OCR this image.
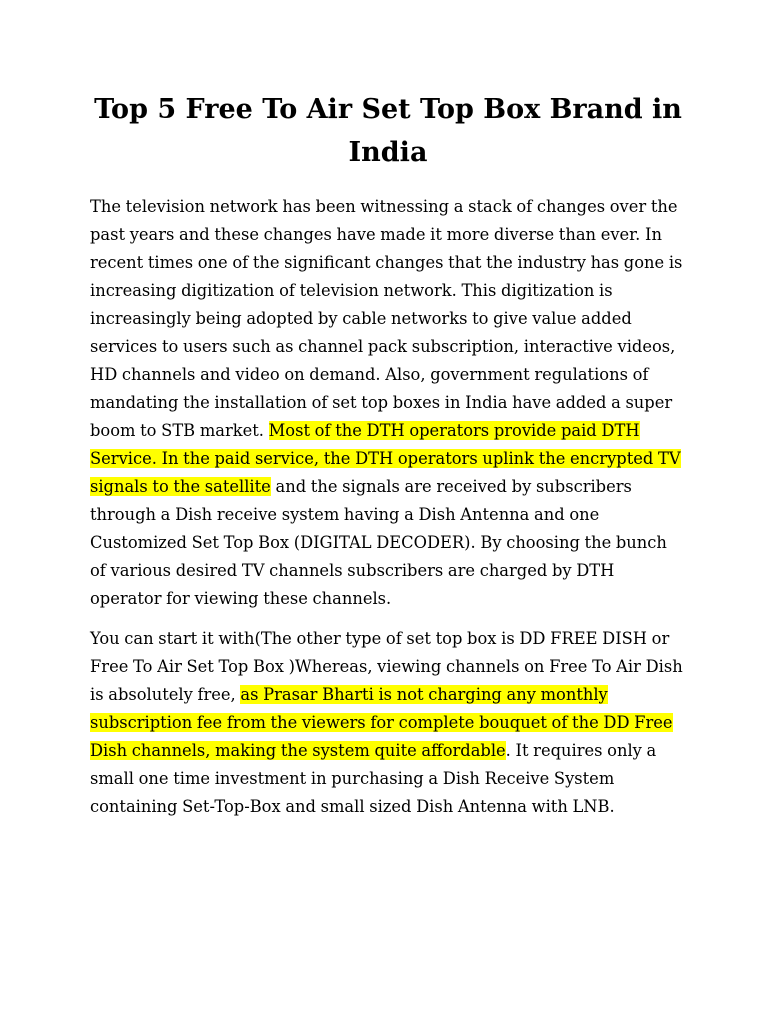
Top 5 Free To Air Set Top Box Brand in India

The television network has been witnessing a stack of changes over the past years and these changes have made it more diverse than ever. In recent times one of the significant changes that the industry has gone is increasing digitization of television network. This digitization is increasingly being adopted by cable networks to give value added services to users such as channel pack subscription, interactive videos, HD channels and video on demand. Also, government regulations of mandating the installation of set top boxes in India have added a super boom to STB market. Most of the DTH operators provide paid DTH Service. In the paid service, the DTH operators uplink the encrypted TV signals to the satellite and the signals are received by subscribers through a Dish receive system having a Dish Antenna and one Customized Set Top Box (DIGITAL DECODER). By choosing the bunch of various desired TV channels subscribers are charged by DTH operator for viewing these channels.

You can start it with(The other type of set top box is DD FREE DISH or Free To Air Set Top Box )Whereas, viewing channels on Free To Air Dish is absolutely free, as Prasar Bharti is not charging any monthly subscription fee from the viewers for complete bouquet of the DD Free Dish channels, making the system quite affordable. It requires only a small one time investment in purchasing a Dish Receive System containing Set-Top-Box and small sized Dish Antenna with LNB.
